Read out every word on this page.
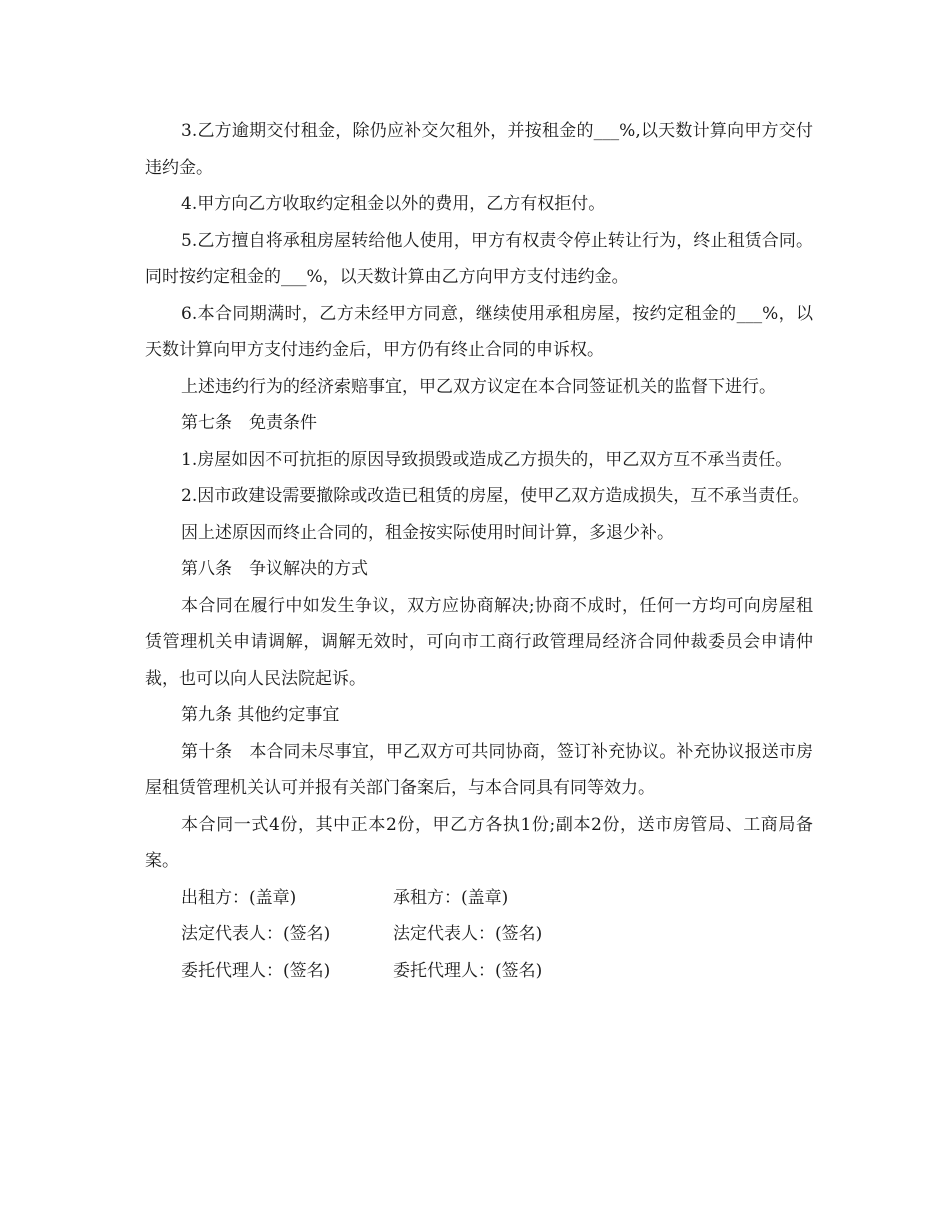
3.乙方逾期交付租金，除仍应补交欠租外，并按租金的___%,以天数计算向甲方交付违约金。

4.甲方向乙方收取约定租金以外的费用，乙方有权拒付。

5.乙方擅自将承租房屋转给他人使用，甲方有权责令停止转让行为，终止租赁合同。同时按约定租金的___%，以天数计算由乙方向甲方支付违约金。

6.本合同期满时，乙方未经甲方同意，继续使用承租房屋，按约定租金的___%，以天数计算向甲方支付违约金后，甲方仍有终止合同的申诉权。

上述违约行为的经济索赔事宜，甲乙双方议定在本合同签证机关的监督下进行。

第七条　免责条件

1.房屋如因不可抗拒的原因导致损毁或造成乙方损失的，甲乙双方互不承当责任。

2.因市政建设需要撤除或改造已租赁的房屋，使甲乙双方造成损失，互不承当责任。

因上述原因而终止合同的，租金按实际使用时间计算，多退少补。

第八条　争议解决的方式

本合同在履行中如发生争议，双方应协商解决;协商不成时，任何一方均可向房屋租赁管理机关申请调解，调解无效时，可向市工商行政管理局经济合同仲裁委员会申请仲裁，也可以向人民法院起诉。

第九条 其他约定事宜

第十条　本合同未尽事宜，甲乙双方可共同协商，签订补充协议。补充协议报送市房屋租赁管理机关认可并报有关部门备案后，与本合同具有同等效力。

本合同一式4份，其中正本2份，甲乙方各执1份;副本2份，送市房管局、工商局备案。

出租方：(盖章)	承租方：(盖章)
法定代表人：(签名)	法定代表人：(签名)
委托代理人：(签名)	委托代理人：(签名)
